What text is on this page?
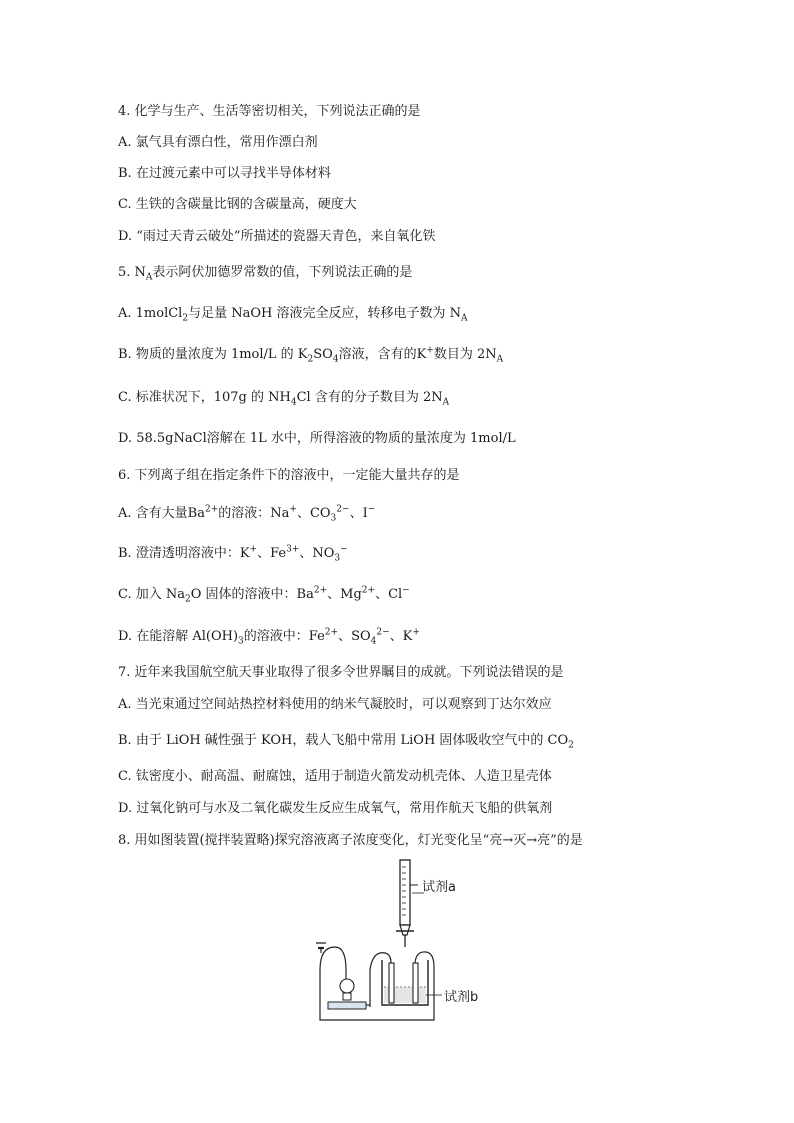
4. 化学与生产、生活等密切相关，下列说法正确的是
A. 氯气具有漂白性，常用作漂白剂
B. 在过渡元素中可以寻找半导体材料
C. 生铁的含碳量比钢的含碳量高，硬度大
D. “雨过天青云破处”所描述的瓷器天青色，来自氧化铁
5. $N_A$表示阿伏加德罗常数的值，下列说法正确的是
A. 1molCl$_2$与足量 NaOH 溶液完全反应，转移电子数为 $N_A$
B. 物质的量浓度为 1mol/L 的 $K_2SO_4$溶液，含有的K+数目为 $2N_A$
C. 标准状况下，107g 的 $NH_4Cl$ 含有的分子数目为 $2N_A$
D. 58.5gNaCl溶解在 1L 水中，所得溶液的物质的量浓度为 1mol/L
6. 下列离子组在指定条件下的溶液中，一定能大量共存的是
A. 含有大量$Ba^{2+}$的溶液：Na+、$CO_3^{2-}$、I−
B. 澄清透明溶液中：K+、$Fe^{3+}$、$NO_3^-$
C. 加入 $Na_2O$ 固体的溶液中：$Ba^{2+}$、$Mg^{2+}$、Cl−
D. 在能溶解 $Al(OH)_3$的溶液中：$Fe^{2+}$、$SO_4^{2-}$、K+
7. 近年来我国航空航天事业取得了很多令世界瞩目的成就。下列说法错误的是
A. 当光束通过空间站热控材料使用的纳米气凝胶时，可以观察到丁达尔效应
B. 由于 LiOH 碱性强于 KOH，载人飞船中常用 LiOH 固体吸收空气中的 $CO_2$
C. 钛密度小、耐高温、耐腐蚀，适用于制造火箭发动机壳体、人造卫星壳体
D. 过氧化钠可与水及二氧化碳发生反应生成氧气，常用作航天飞船的供氧剂
8. 用如图装置(搅拌装置略)探究溶液离子浓度变化，灯光变化呈“亮→灭→亮”的是
试剂a
试剂b
